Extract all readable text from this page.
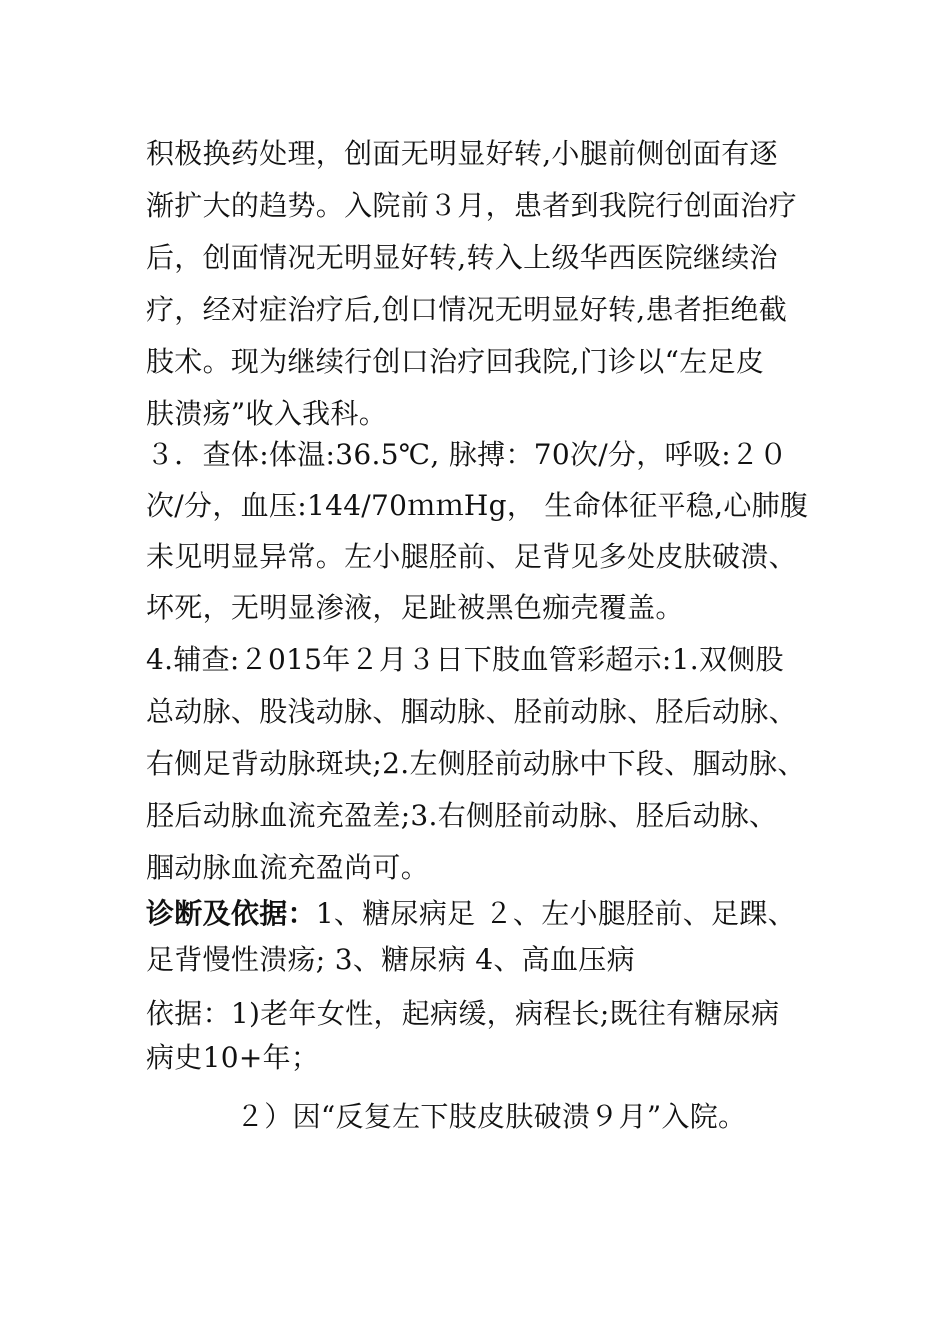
积极换药处理，创面无明显好转,小腿前侧创面有逐
渐扩大的趋势。入院前３月，患者到我院行创面治疗
后，创面情况无明显好转,转入上级华西医院继续治
疗，经对症治疗后,创口情况无明显好转,患者拒绝截
肢术。现为继续行创口治疗回我院,门诊以“左足皮
肤溃疡”收入我科。
３．查体:体温:36.5℃, 脉搏：70次/分，呼吸:２０
次/分，血压:144/70ｍｍHg， 生命体征平稳,心肺腹
未见明显异常。左小腿胫前、足背见多处皮肤破溃、
坏死，无明显渗液，足趾被黑色痂壳覆盖。
4.辅查:２015年２月３日下肢血管彩超示:1.双侧股
总动脉、股浅动脉、腘动脉、胫前动脉、胫后动脉、
右侧足背动脉斑块;2.左侧胫前动脉中下段、腘动脉、
胫后动脉血流充盈差;3.右侧胫前动脉、胫后动脉、
腘动脉血流充盈尚可。
诊断及依据：1、糖尿病足 ２、左小腿胫前、足踝、
足背慢性溃疡; 3、糖尿病 4、高血压病
依据：1)老年女性，起病缓，病程长;既往有糖尿病
病史10+年；
２）因“反复左下肢皮肤破溃９月”入院。
